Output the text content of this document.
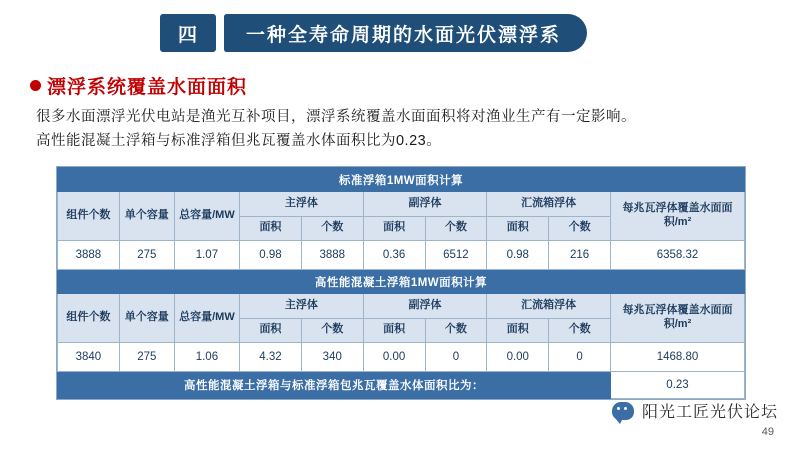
四	一种全寿命周期的水面光伏漂浮系
漂浮系统覆盖水面面积
很多水面漂浮光伏电站是渔光互补项目，漂浮系统覆盖水面面积将对渔业生产有一定影响。
高性能混凝土浮箱与标准浮箱但兆瓦覆盖水体面积比为0.23。
标准浮箱1MW面积计算									
组件个数	单个容量	总容量/MW	主浮体		副浮体		汇流箱浮体		每兆瓦浮体覆盖水面面积/m²
			面积	个数	面积	个数	面积	个数	
3888	275	1.07	0.98	3888	0.36	6512	0.98	216	6358.32
高性能混凝土浮箱1MW面积计算									
组件个数	单个容量	总容量/MW	主浮体		副浮体		汇流箱浮体		每兆瓦浮体覆盖水面面积/m²
			面积	个数	面积	个数	面积	个数	
3840	275	1.06	4.32	340	0.00	0	0.00	0	1468.80
高性能混凝土浮箱与标准浮箱包兆瓦覆盖水体面积比为：									0.23
阳光工匠光伏论坛
49
